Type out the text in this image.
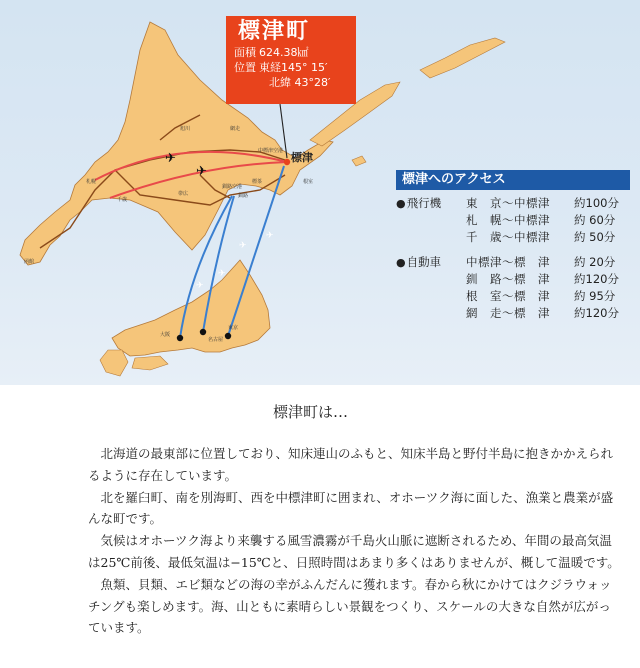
✈
✈
✈
✈
✈
✈
函館
札幌
千歳
旭川
帯広	釧路
中標津空港
網走
根室
釧路空港
大阪
名古屋
東京
標茶
標津
標津町
面積 624.38㎢
位置 東経145° 15′
北緯 43°28′
標津へのアクセス
●飛行機	東　京～中標津	約100分
札　幌～中標津	約 60分
千　歳～中標津	約 50分
●自動車	中標津～標　津	約 20分
釧　路～標　津	約120分
根　室～標　津	約 95分
網　走～標　津	約120分
標津町は…

北海道の最東部に位置しており、知床連山のふもと、知床半島と野付半島に抱きかかえられるように存在しています。

北を羅臼町、南を別海町、西を中標津町に囲まれ、オホーツク海に面した、漁業と農業が盛んな町です。

気候はオホーツク海より来襲する風雪濃霧が千島火山脈に遮断されるため、年間の最高気温は25℃前後、最低気温は−15℃と、日照時間はあまり多くはありませんが、概して温暖です。

魚類、貝類、エビ類などの海の幸がふんだんに獲れます。春から秋にかけてはクジラウォッチングも楽しめます。海、山ともに素晴らしい景観をつくり、スケールの大きな自然が広がっています。
